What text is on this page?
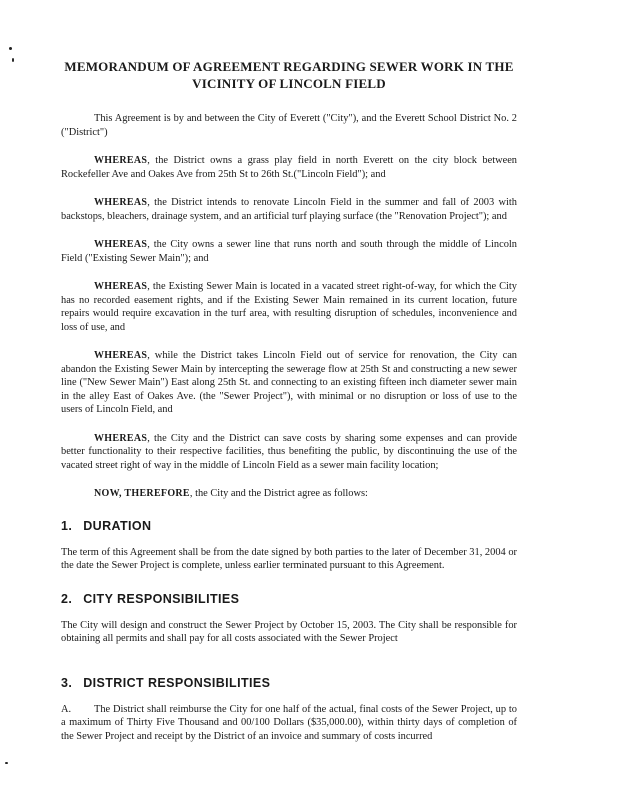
MEMORANDUM OF AGREEMENT REGARDING SEWER WORK IN THE VICINITY OF LINCOLN FIELD

This Agreement is by and between the City of Everett ("City"), and the Everett School District No. 2 ("District")

WHEREAS, the District owns a grass play field in north Everett on the city block between Rockefeller Ave and Oakes Ave from 25th St to 26th St.("Lincoln Field"); and

WHEREAS, the District intends to renovate Lincoln Field in the summer and fall of 2003 with backstops, bleachers, drainage system, and an artificial turf playing surface (the "Renovation Project"); and

WHEREAS, the City owns a sewer line that runs north and south through the middle of Lincoln Field ("Existing Sewer Main"); and

WHEREAS, the Existing Sewer Main is located in a vacated street right-of-way, for which the City has no recorded easement rights, and if the Existing Sewer Main remained in its current location, future repairs would require excavation in the turf area, with resulting disruption of schedules, inconvenience and loss of use, and

WHEREAS, while the District takes Lincoln Field out of service for renovation, the City can abandon the Existing Sewer Main by intercepting the sewerage flow at 25th St and constructing a new sewer line ("New Sewer Main") East along 25th St. and connecting to an existing fifteen inch diameter sewer main in the alley East of Oakes Ave. (the "Sewer Project"), with minimal or no disruption or loss of use to the users of Lincoln Field, and

WHEREAS, the City and the District can save costs by sharing some expenses and can provide better functionality to their respective facilities, thus benefiting the public, by discontinuing the use of the vacated street right of way in the middle of Lincoln Field as a sewer main facility location;

NOW, THEREFORE, the City and the District agree as follows:

1. DURATION

The term of this Agreement shall be from the date signed by both parties to the later of December 31, 2004 or the date the Sewer Project is complete, unless earlier terminated pursuant to this Agreement.

2. CITY RESPONSIBILITIES

The City will design and construct the Sewer Project by October 15, 2003. The City shall be responsible for obtaining all permits and shall pay for all costs associated with the Sewer Project

3. DISTRICT RESPONSIBILITIES

A. The District shall reimburse the City for one half of the actual, final costs of the Sewer Project, up to a maximum of Thirty Five Thousand and 00/100 Dollars ($35,000.00), within thirty days of completion of the Sewer Project and receipt by the District of an invoice and summary of costs incurred
